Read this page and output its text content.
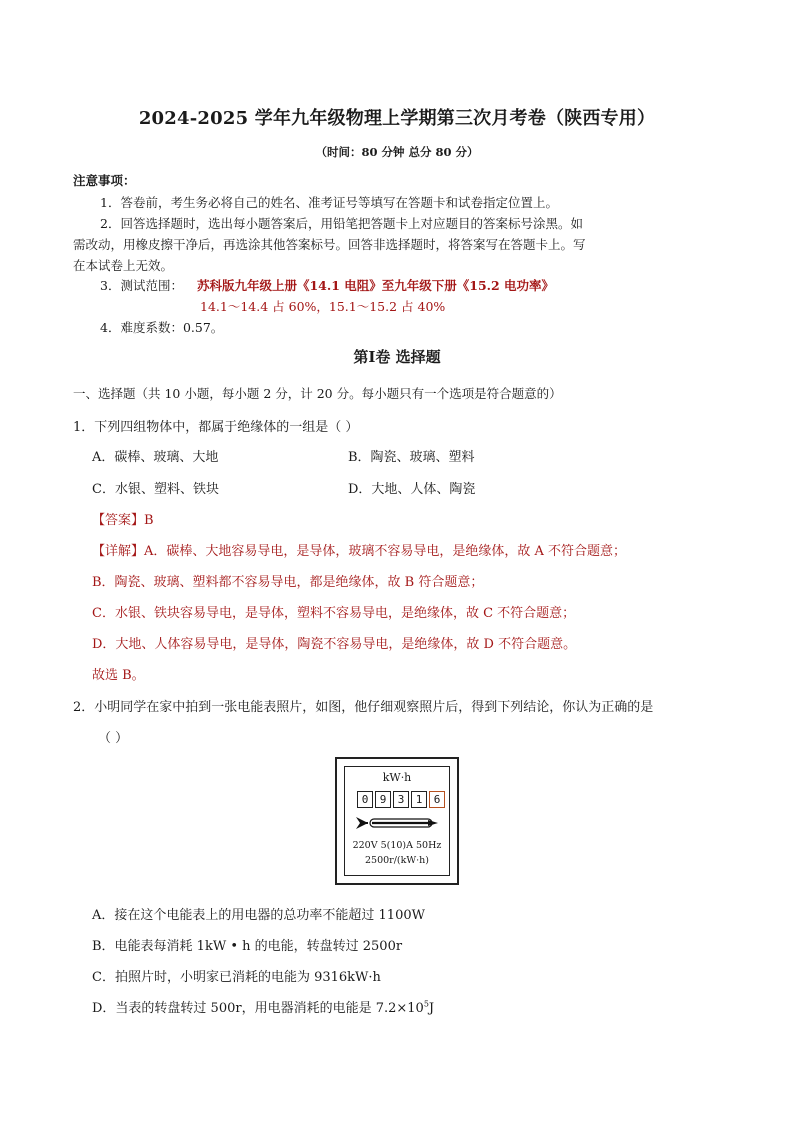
2024-2025 学年九年级物理上学期第三次月考卷（陕西专用）
（时间：80 分钟 总分 80 分）
注意事项：
1．答卷前，考生务必将自己的姓名、准考证号等填写在答题卡和试卷指定位置上。
2．回答选择题时，选出每小题答案后，用铅笔把答题卡上对应题目的答案标号涂黑。如
需改动，用橡皮擦干净后，再选涂其他答案标号。回答非选择题时，将答案写在答题卡上。写
在本试卷上无效。
3．测试范围： 苏科版九年级上册《14.1 电阻》至九年级下册《15.2 电功率》
14.1～14.4 占 60%，15.1～15.2 占 40%
4．难度系数：0.57。
第Ⅰ卷 选择题
一、选择题（共 10 小题，每小题 2 分，计 20 分。每小题只有一个选项是符合题意的）
1．下列四组物体中，都属于绝缘体的一组是（ ）
A．碳棒、玻璃、大地	B．陶瓷、玻璃、塑料
C．水银、塑料、铁块	D．大地、人体、陶瓷
【答案】B
【详解】A．碳棒、大地容易导电，是导体，玻璃不容易导电，是绝缘体，故 A 不符合题意；
B．陶瓷、玻璃、塑料都不容易导电，都是绝缘体，故 B 符合题意；
C．水银、铁块容易导电，是导体，塑料不容易导电，是绝缘体，故 C 不符合题意；
D．大地、人体容易导电，是导体，陶瓷不容易导电，是绝缘体，故 D 不符合题意。
故选 B。
2．小明同学在家中拍到一张电能表照片，如图，他仔细观察照片后，得到下列结论，你认为正确的是
（ ）
kW·h
0	9	3	1	6
220V 5(10)A 50Hz
2500r/(kW·h)
A．接在这个电能表上的用电器的总功率不能超过 1100W
B．电能表每消耗 1kW • h 的电能，转盘转过 2500r
C．拍照片时，小明家已消耗的电能为 9316kW·h
D．当表的转盘转过 500r，用电器消耗的电能是 $7.2\times 10^5J$
